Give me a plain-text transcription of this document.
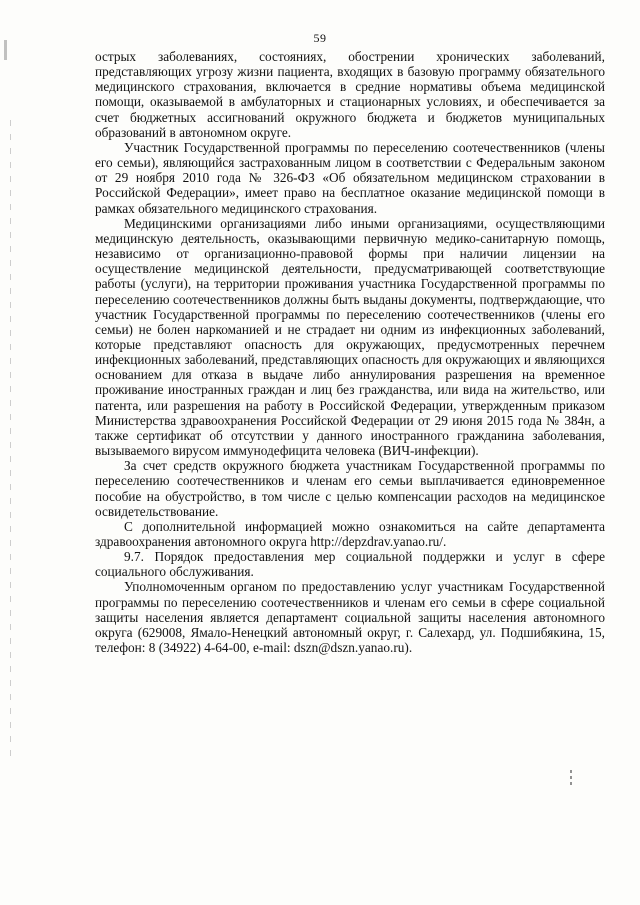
59

острых заболеваниях, состояниях, обострении хронических заболеваний, представляющих угрозу жизни пациента, входящих в базовую программу обязательного медицинского страхования, включается в средние нормативы объема медицинской помощи, оказываемой в амбулаторных и стационарных условиях, и обеспечивается за счет бюджетных ассигнований окружного бюджета и бюджетов муниципальных образований в автономном округе.

Участник Государственной программы по переселению соотечественников (члены его семьи), являющийся застрахованным лицом в соответствии с Федеральным законом от 29 ноября 2010 года № 326-ФЗ «Об обязательном медицинском страховании в Российской Федерации», имеет право на бесплатное оказание медицинской помощи в рамках обязательного медицинского страхования.

Медицинскими организациями либо иными организациями, осуществляющими медицинскую деятельность, оказывающими первичную медико-санитарную помощь, независимо от организационно-правовой формы при наличии лицензии на осуществление медицинской деятельности, предусматривающей соответствующие работы (услуги), на территории проживания участника Государственной программы по переселению соотечественников должны быть выданы документы, подтверждающие, что участник Государственной программы по переселению соотечественников (члены его семьи) не болен наркоманией и не страдает ни одним из инфекционных заболеваний, которые представляют опасность для окружающих, предусмотренных перечнем инфекционных заболеваний, представляющих опасность для окружающих и являющихся основанием для отказа в выдаче либо аннулирования разрешения на временное проживание иностранных граждан и лиц без гражданства, или вида на жительство, или патента, или разрешения на работу в Российской Федерации, утвержденным приказом Министерства здравоохранения Российской Федерации от 29 июня 2015 года № 384н, а также сертификат об отсутствии у данного иностранного гражданина заболевания, вызываемого вирусом иммунодефицита человека (ВИЧ-инфекции).

За счет средств окружного бюджета участникам Государственной программы по переселению соотечественников и членам его семьи выплачивается единовременное пособие на обустройство, в том числе с целью компенсации расходов на медицинское освидетельствование.

С дополнительной информацией можно ознакомиться на сайте департамента здравоохранения автономного округа http://depzdrav.yanao.ru/.

9.7. Порядок предоставления мер социальной поддержки и услуг в сфере социального обслуживания.

Уполномоченным органом по предоставлению услуг участникам Государственной программы по переселению соотечественников и членам его семьи в сфере социальной защиты населения является департамент социальной защиты населения автономного округа (629008, Ямало-Ненецкий автономный округ, г. Салехард, ул. Подшибякина, 15, телефон: 8 (34922) 4-64-00, e-mail: dszn@dszn.yanao.ru).
